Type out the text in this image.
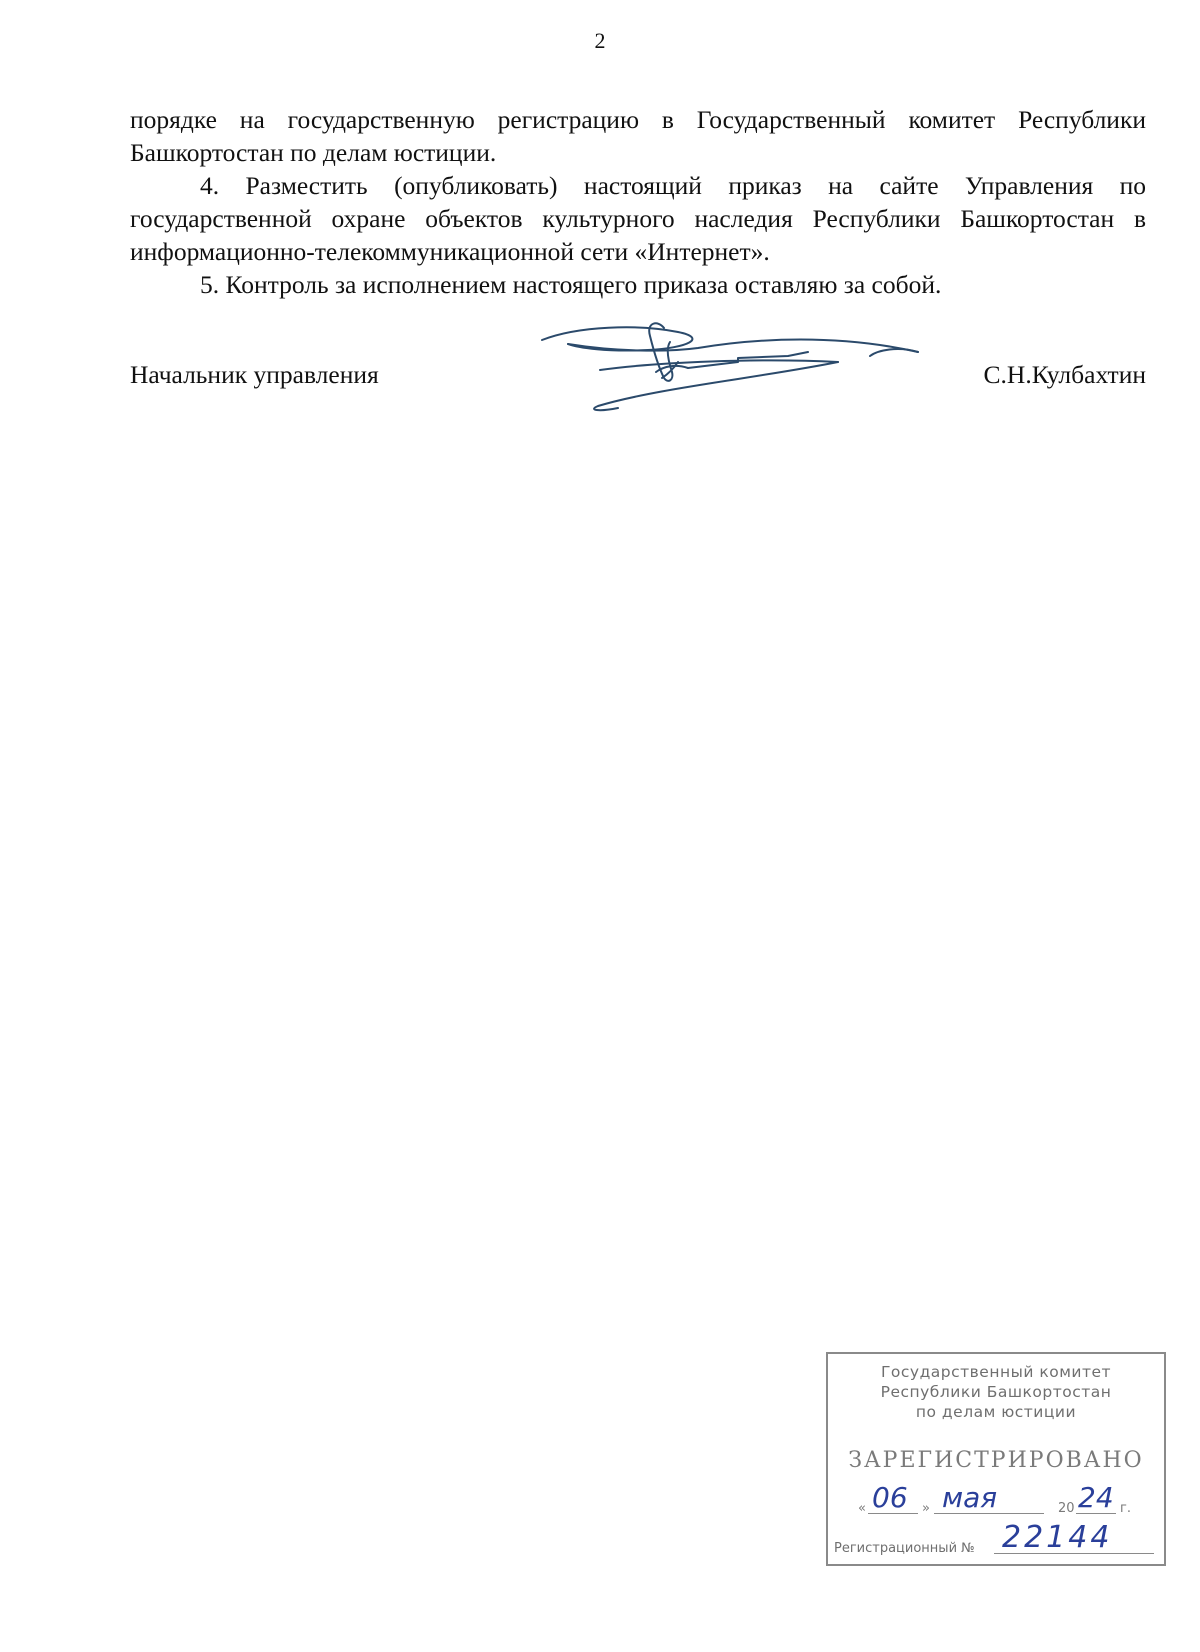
2

порядке на государственную регистрацию в Государственный комитет Республики Башкортостан по делам юстиции.

4. Разместить (опубликовать) настоящий приказ на сайте Управления по государственной охране объектов культурного наследия Республики Башкортостан в информационно-телекоммуникационной сети «Интернет».

5. Контроль за исполнением настоящего приказа оставляю за собой.

Начальник управления	С.Н.Кулбахтин
Государственный комитет
Республики Башкортостан
по делам юстиции
ЗАРЕГИСТРИРОВАНО
« 06 » мая	20 24 г.
Регистрационный № 22144
